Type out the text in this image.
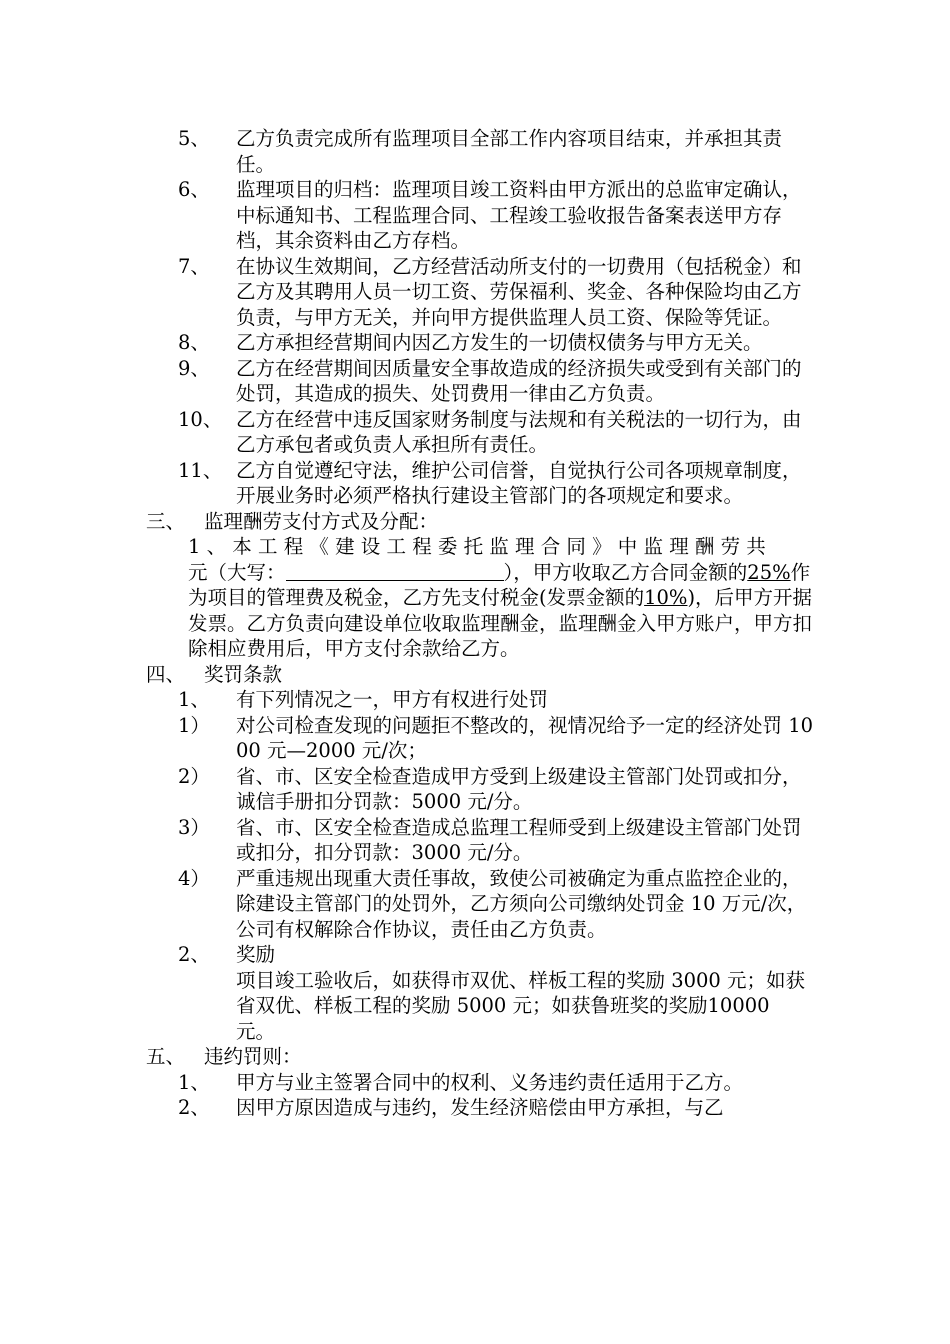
5、 乙方负责完成所有监理项目全部工作内容项目结束，并承担其责任。
6、 监理项目的归档：监理项目竣工资料由甲方派出的总监审定确认，中标通知书、工程监理合同、工程竣工验收报告备案表送甲方存档，其余资料由乙方存档。
7、 在协议生效期间，乙方经营活动所支付的一切费用（包括税金）和乙方及其聘用人员一切工资、劳保福利、奖金、各种保险均由乙方负责，与甲方无关，并向甲方提供监理人员工资、保险等凭证。
8、 乙方承担经营期间内因乙方发生的一切债权债务与甲方无关。
9、 乙方在经营期间因质量安全事故造成的经济损失或受到有关部门的处罚，其造成的损失、处罚费用一律由乙方负责。
10、 乙方在经营中违反国家财务制度与法规和有关税法的一切行为，由乙方承包者或负责人承担所有责任。
11、 乙方自觉遵纪守法，维护公司信誉，自觉执行公司各项规章制度，开展业务时必须严格执行建设主管部门的各项规定和要求。
三、 监理酬劳支付方式及分配：
1、本工程《建设工程委托监理合同》中监理酬劳共
元（大写：	），甲方收取乙方合同金额的25%作为项目的管理费及税金，乙方先支付税金(发票金额的10%)，后甲方开据发票。乙方负责向建设单位收取监理酬金，监理酬金入甲方账户，甲方扣除相应费用后，甲方支付余款给乙方。
四、 奖罚条款
1、 有下列情况之一，甲方有权进行处罚
1） 对公司检查发现的问题拒不整改的，视情况给予一定的经济处罚 1000 元—2000 元/次；
2） 省、市、区安全检查造成甲方受到上级建设主管部门处罚或扣分，诚信手册扣分罚款：5000 元/分。
3） 省、市、区安全检查造成总监理工程师受到上级建设主管部门处罚或扣分，扣分罚款：3000 元/分。
4） 严重违规出现重大责任事故，致使公司被确定为重点监控企业的，除建设主管部门的处罚外，乙方须向公司缴纳处罚金 10 万元/次，公司有权解除合作协议，责任由乙方负责。
2、 奖励
项目竣工验收后，如获得市双优、样板工程的奖励 3000 元；如获省双优、样板工程的奖励 5000 元；如获鲁班奖的奖励10000 元。
五、 违约罚则：
1、 甲方与业主签署合同中的权利、义务违约责任适用于乙方。
2、 因甲方原因造成与违约，发生经济赔偿由甲方承担，与乙
